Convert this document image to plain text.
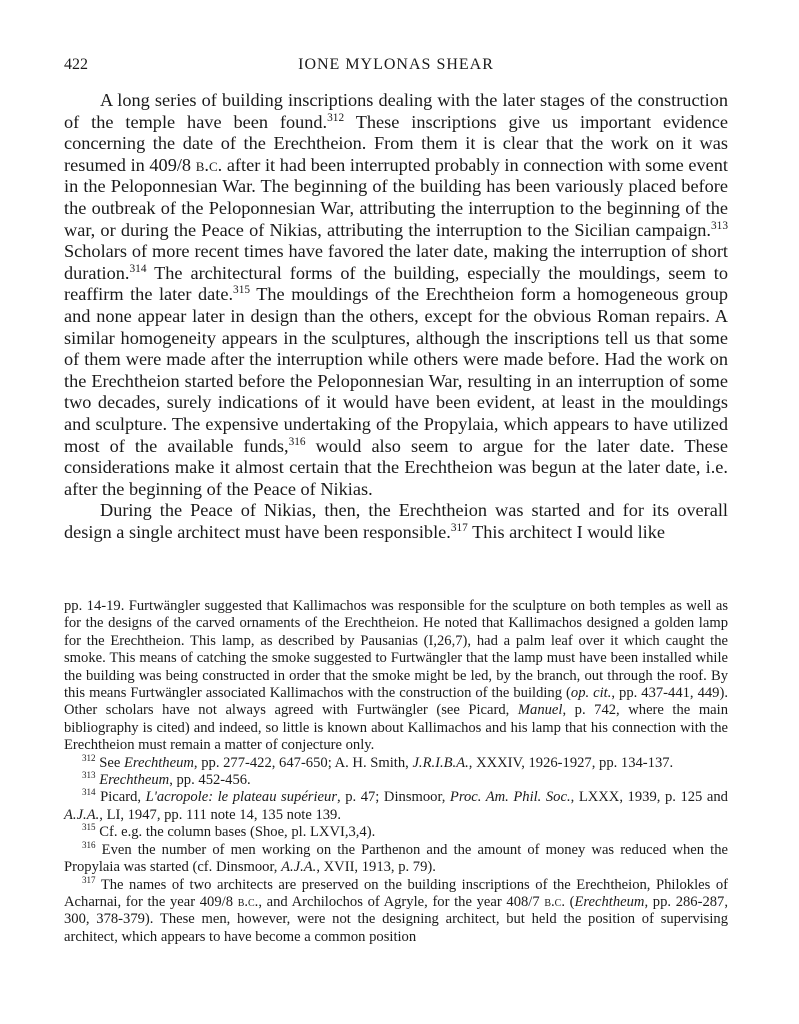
422	IONE MYLONAS SHEAR

A long series of building inscriptions dealing with the later stages of the construction of the temple have been found.$^{312}$ These inscriptions give us important evidence concerning the date of the Erechtheion. From them it is clear that the work on it was resumed in 409/8 b.c. after it had been interrupted probably in connection with some event in the Peloponnesian War. The beginning of the building has been variously placed before the outbreak of the Peloponnesian War, attributing the interruption to the beginning of the war, or during the Peace of Nikias, attributing the interruption to the Sicilian campaign.$^{313}$ Scholars of more recent times have favored the later date, making the interruption of short duration.$^{314}$ The architectural forms of the building, especially the mouldings, seem to reaffirm the later date.$^{315}$ The mouldings of the Erechtheion form a homogeneous group and none appear later in design than the others, except for the obvious Roman repairs. A similar homogeneity appears in the sculptures, although the inscriptions tell us that some of them were made after the interruption while others were made before. Had the work on the Erechtheion started before the Peloponnesian War, resulting in an interruption of some two decades, surely indications of it would have been evident, at least in the mouldings and sculpture. The expensive undertaking of the Propylaia, which appears to have utilized most of the available funds,$^{316}$ would also seem to argue for the later date. These considerations make it almost certain that the Erechtheion was begun at the later date, i.e. after the beginning of the Peace of Nikias.

During the Peace of Nikias, then, the Erechtheion was started and for its overall design a single architect must have been responsible.$^{317}$ This architect I would like

pp. 14-19. Furtwängler suggested that Kallimachos was responsible for the sculpture on both temples as well as for the designs of the carved ornaments of the Erechtheion. He noted that Kallimachos designed a golden lamp for the Erechtheion. This lamp, as described by Pausanias (I,26,7), had a palm leaf over it which caught the smoke. This means of catching the smoke suggested to Furtwängler that the lamp must have been installed while the building was being constructed in order that the smoke might be led, by the branch, out through the roof. By this means Furtwängler associated Kallimachos with the construction of the building (op. cit., pp. 437-441, 449). Other scholars have not always agreed with Furtwängler (see Picard, Manuel, p. 742, where the main bibliography is cited) and indeed, so little is known about Kallimachos and his lamp that his connection with the Erechtheion must remain a matter of conjecture only.

$^{312}$ See Erechtheum, pp. 277-422, 647-650; A. H. Smith, J.R.I.B.A., XXXIV, 1926-1927, pp. 134-137.

$^{313}$ Erechtheum, pp. 452-456.

$^{314}$ Picard, L'acropole: le plateau supérieur, p. 47; Dinsmoor, Proc. Am. Phil. Soc., LXXX, 1939, p. 125 and A.J.A., LI, 1947, pp. 111 note 14, 135 note 139.

$^{315}$ Cf. e.g. the column bases (Shoe, pl. LXVI,3,4).

$^{316}$ Even the number of men working on the Parthenon and the amount of money was reduced when the Propylaia was started (cf. Dinsmoor, A.J.A., XVII, 1913, p. 79).

$^{317}$ The names of two architects are preserved on the building inscriptions of the Erechtheion, Philokles of Acharnai, for the year 409/8 b.c., and Archilochos of Agryle, for the year 408/7 b.c. (Erechtheum, pp. 286-287, 300, 378-379). These men, however, were not the designing architect, but held the position of supervising architect, which appears to have become a common position
